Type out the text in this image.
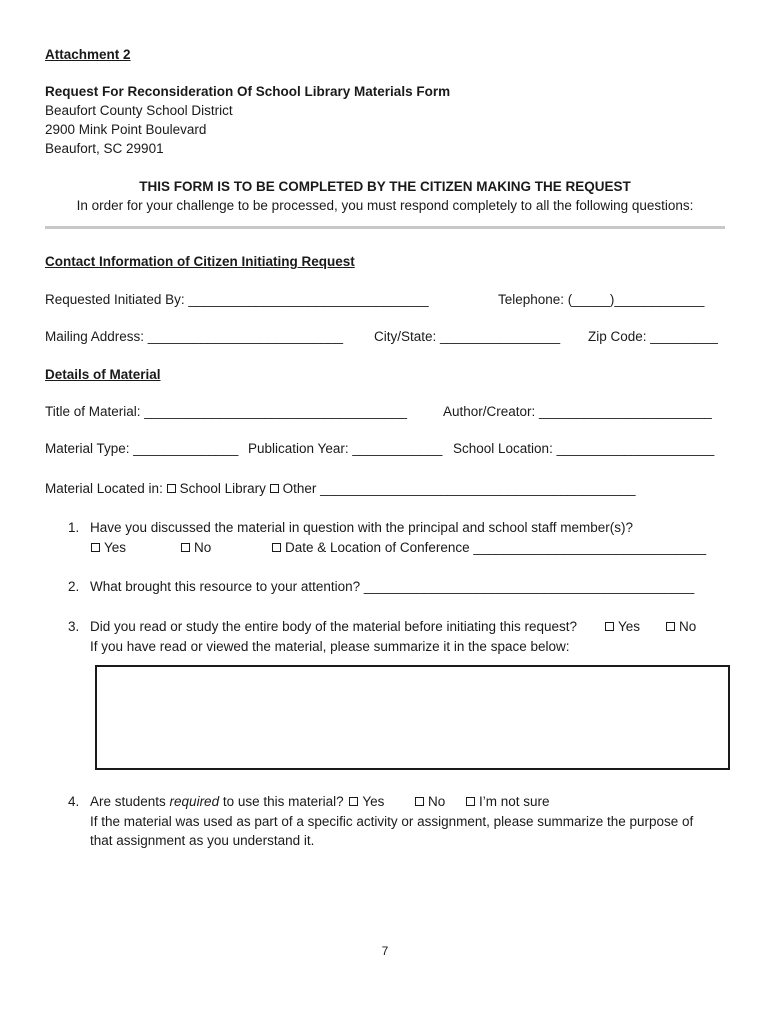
Attachment 2
Request For Reconsideration Of School Library Materials Form
Beaufort County School District
2900 Mink Point Boulevard
Beaufort, SC 29901
THIS FORM IS TO BE COMPLETED BY THE CITIZEN MAKING THE REQUEST
In order for your challenge to be processed, you must respond completely to all the following questions:
Contact Information of Citizen Initiating Request
Requested Initiated By: ________________________________	Telephone: (_____)____________
Mailing Address: __________________________ City/State: ________________ Zip Code: _________
Details of Material
Title of Material: ___________________________________	Author/Creator: _______________________
Material Type: ______________ Publication Year: ____________ School Location: _____________________
Material Located in: School Library Other __________________________________________
1. Have you discussed the material in question with the principal and school staff member(s)?
Yes	No	Date & Location of Conference _______________________________
2. What brought this resource to your attention? ____________________________________________
3. Did you read or study the entire body of the material before initiating this request?	Yes	No
If you have read or viewed the material, please summarize it in the space below:
4. Are students required to use this material? Yes	No	I’m not sure
If the material was used as part of a specific activity or assignment, please summarize the purpose of
that assignment as you understand it.
7
